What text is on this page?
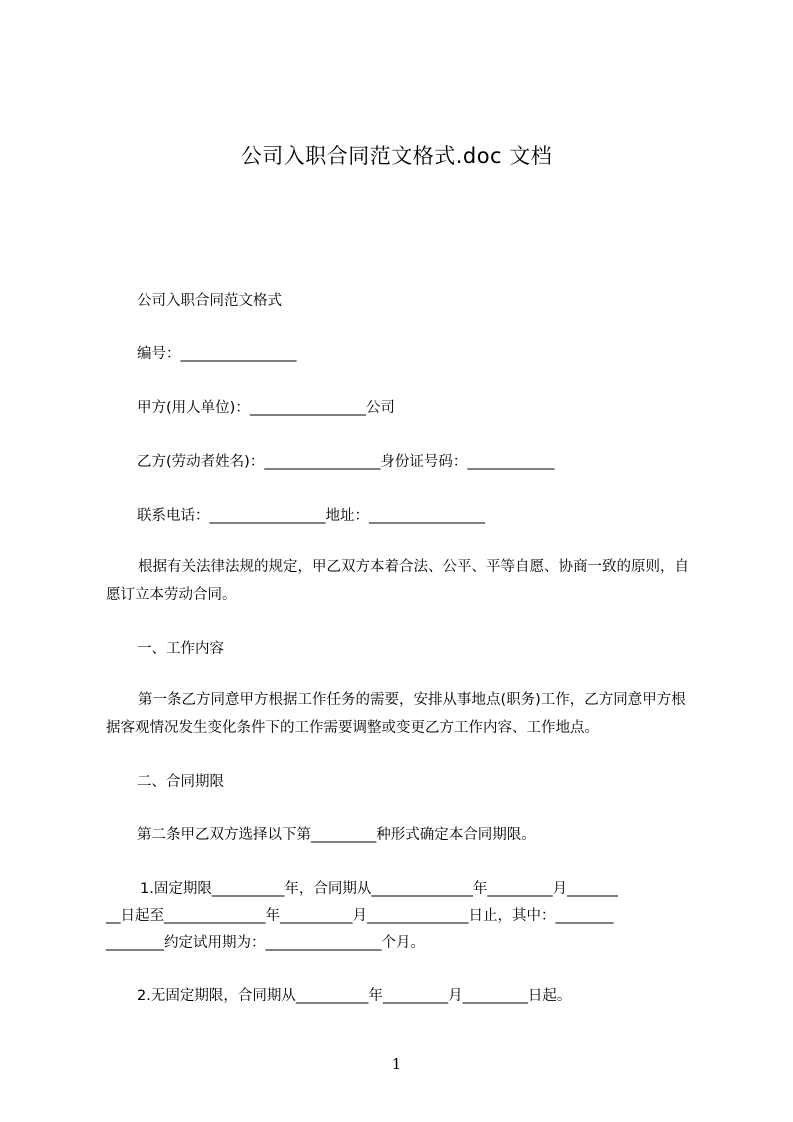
公司入职合同范文格式.doc 文档
公司入职合同范文格式
编号：________________
甲方(用人单位)：________________公司
乙方(劳动者姓名)：________________身份证号码：____________
联系电话：________________地址：________________
根据有关法律法规的规定，甲乙双方本着合法、公平、平等自愿、协商一致的原则，自愿订立本劳动合同。
一、工作内容
第一条乙方同意甲方根据工作任务的需要，安排从事地点(职务)工作，乙方同意甲方根据客观情况发生变化条件下的工作需要调整或变更乙方工作内容、工作地点。
二、合同期限
第二条甲乙双方选择以下第_________种形式确定本合同期限。
1.固定期限__________年，合同期从______________年_________月_______
__日起至______________年__________月______________日止，其中：________
________约定试用期为：________________个月。
2.无固定期限，合同期从__________年_________月_________日起。
1
